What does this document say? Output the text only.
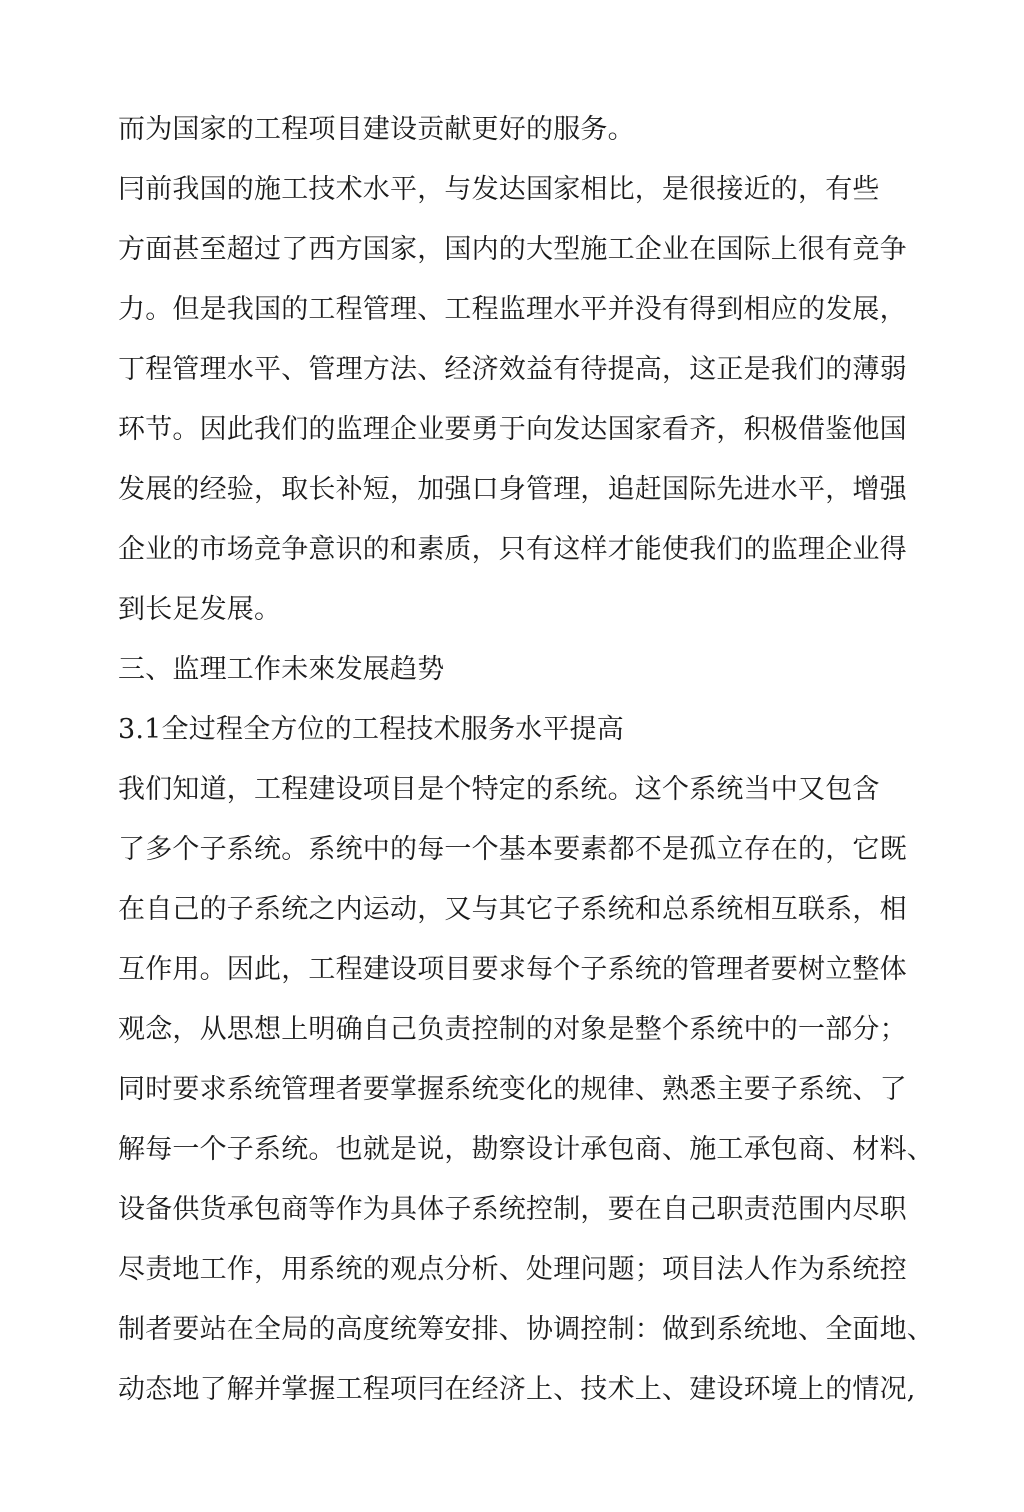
而为国家的工程项目建设贡献更好的服务。
冃前我国的施工技术水平，与发达国家相比，是很接近的，有些
方面甚至超过了西方国家，国内的大型施工企业在国际上很有竞争
力。但是我国的工程管理、工程监理水平并没有得到相应的发展，
丁程管理水平、管理方法、经济效益有待提高，这正是我们的薄弱
环节。因此我们的监理企业要勇于向发达国家看齐，积极借鉴他国
发展的经验，取长补短，加强口身管理，追赶国际先进水平，增强
企业的市场竞争意识的和素质，只有这样才能使我们的监理企业得
到长足发展。
三、监理工作未來发展趋势
3.1全过程全方位的工程技术服务水平提高
我们知道，工程建设项目是个特定的系统。这个系统当中又包含
了多个子系统。系统中的每一个基本要素都不是孤立存在的，它既
在自己的子系统之内运动，又与其它子系统和总系统相互联系，相
互作用。因此，工程建设项目要求每个子系统的管理者要树立整体
观念，从思想上明确自己负责控制的对象是整个系统中的一部分；
同时要求系统管理者要掌握系统变化的规律、熟悉主要子系统、了
解每一个子系统。也就是说，勘察设计承包商、施工承包商、材料、
设备供货承包商等作为具体子系统控制，要在自己职责范围内尽职
尽责地工作，用系统的观点分析、处理问题；项目法人作为系统控
制者要站在全局的高度统筹安排、协调控制：做到系统地、全面地、
动态地了解并掌握工程项冃在经济上、技术上、建设环境上的情况,
